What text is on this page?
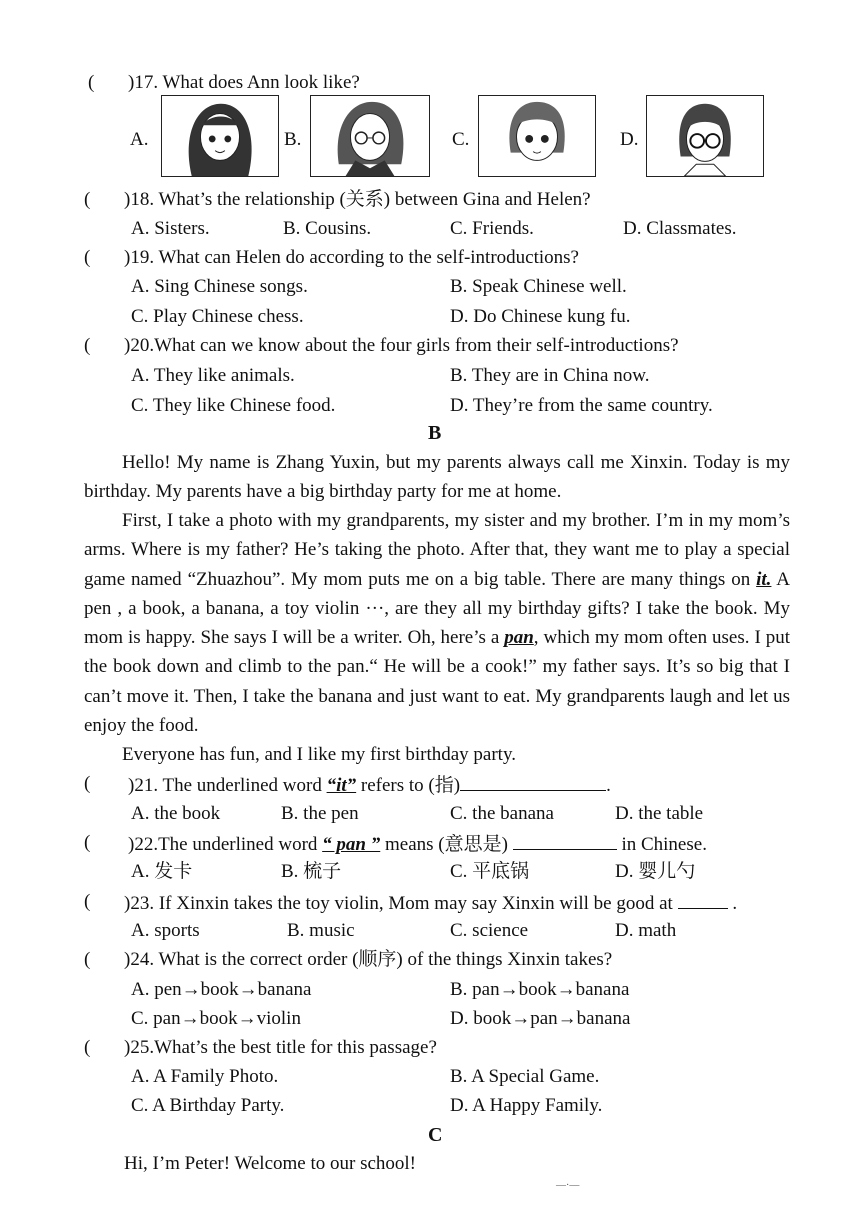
( )17. What does Ann look like?
A.	B.	C.	D.
( )18. What’s the relationship (关系) between Gina and Helen?
A. Sisters.	B. Cousins.	C. Friends.	D. Classmates.
( )19. What can Helen do according to the self-introductions?
A. Sing Chinese songs.	B. Speak Chinese well.
C. Play Chinese chess.	D. Do Chinese kung fu.
( )20.What can we know about the four girls from their self-introductions?
A. They like animals.	B. They are in China now.
C. They like Chinese food.	D. They’re from the same country.
B
Hello! My name is Zhang Yuxin, but my parents always call me Xinxin. Today is my birthday. My parents have a big birthday party for me at home.
First, I take a photo with my grandparents, my sister and my brother. I’m in my mom’s arms. Where is my father? He’s taking the photo. After that, they want me to play a special game named “Zhuazhou”. My mom puts me on a big table. There are many things on it. A pen , a book, a banana, a toy violin ···, are they all my birthday gifts? I take the book. My mom is happy. She says I will be a writer. Oh, here’s a pan, which my mom often uses. I put the book down and climb to the pan.“ He will be a cook!” my father says. It’s so big that I can’t move it. Then, I take the banana and just want to eat. My grandparents laugh and let us enjoy the food.
Everyone has fun, and I like my first birthday party.
( )21. The underlined word “it” refers to (指)	.
A. the book	B. the pen	C. the banana	D. the table
( )22.The underlined word “ pan ” means (意思是)	in Chinese.
A. 发卡	B. 梳子	C. 平底锅	D. 婴儿勺
( )23. If Xinxin takes the toy violin, Mom may say Xinxin will be good at	.
A. sports	B. music	C. science	D. math
( )24. What is the correct order (顺序) of the things Xinxin takes?
A. pen→book→banana	B. pan→book→banana
C. pan→book→violin	D. book→pan→banana
( )25.What’s the best title for this passage?
A. A Family Photo.	B. A Special Game.
C. A Birthday Party.	D. A Happy Family.
C
Hi, I’m Peter! Welcome to our school!
—·—
